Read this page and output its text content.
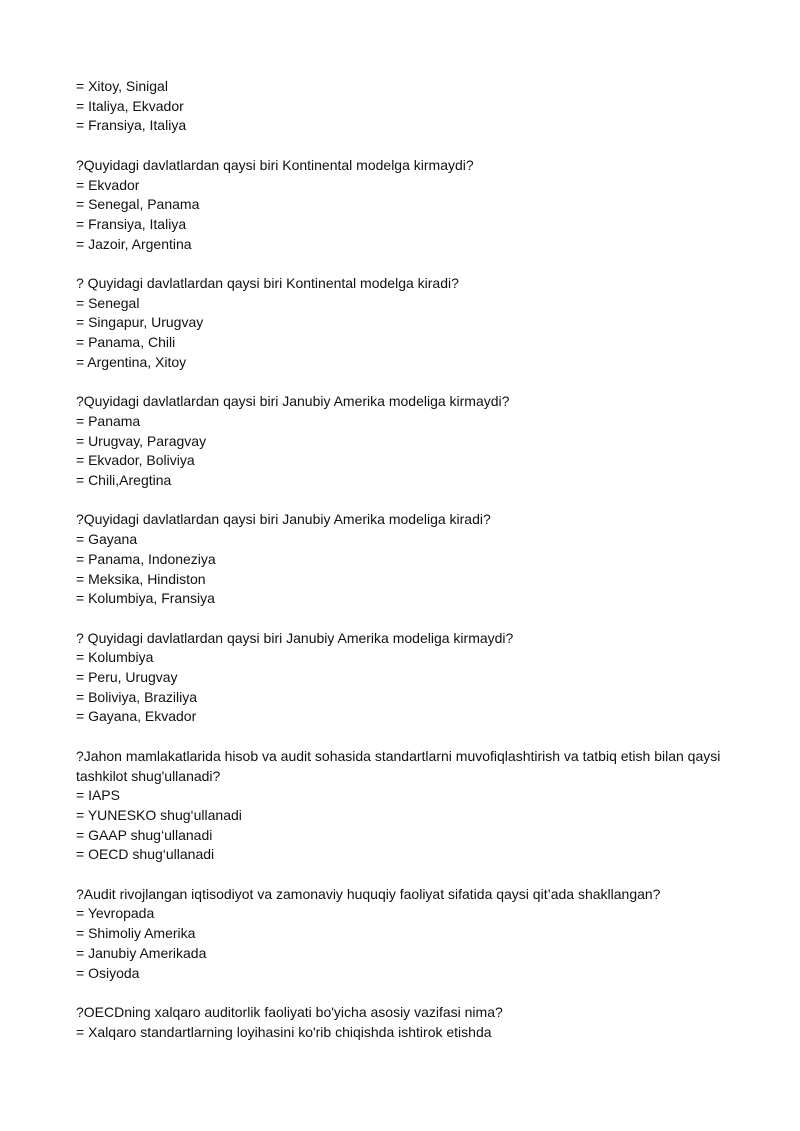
= Xitoy, Sinigal

= Italiya, Ekvador

= Fransiya, Italiya

?Quyidagi davlatlardan qaysi biri Kontinental modelga kirmaydi?

= Ekvador

= Senegal, Panama

= Fransiya, Italiya

= Jazoir, Argentina

? Quyidagi davlatlardan qaysi biri Kontinental modelga kiradi?

= Senegal

= Singapur, Urugvay

= Panama, Chili

= Argentina, Xitoy

?Quyidagi davlatlardan qaysi biri Janubiy Amerika modeliga kirmaydi?

= Panama

= Urugvay, Paragvay

= Ekvador, Boliviya

= Chili,Aregtina

?Quyidagi davlatlardan qaysi biri Janubiy Amerika modeliga kiradi?

= Gayana

= Panama, Indoneziya

= Meksika, Hindiston

= Kolumbiya, Fransiya

? Quyidagi davlatlardan qaysi biri Janubiy Amerika modeliga kirmaydi?

= Kolumbiya

= Peru, Urugvay

= Boliviya, Braziliya

= Gayana, Ekvador

?Jahon mamlakatlarida hisob va audit sohasida standartlarni muvofiqlashtirish va tatbiq etish bilan qaysi tashkilot shug'ullanadi?

= IAPS

= YUNESKO shug‘ullanadi

= GAAP shug‘ullanadi

= OECD shug‘ullanadi

?Audit rivojlangan iqtisodiyot va zamonaviy huquqiy faoliyat sifatida qaysi qit’ada shakllangan?

= Yevropada

= Shimoliy Amerika

= Janubiy Amerikada

= Osiyoda

?OECDning xalqaro auditorlik faoliyati bo'yicha asosiy vazifasi nima?

= Xalqaro standartlarning loyihasini ko'rib chiqishda ishtirok etishda
